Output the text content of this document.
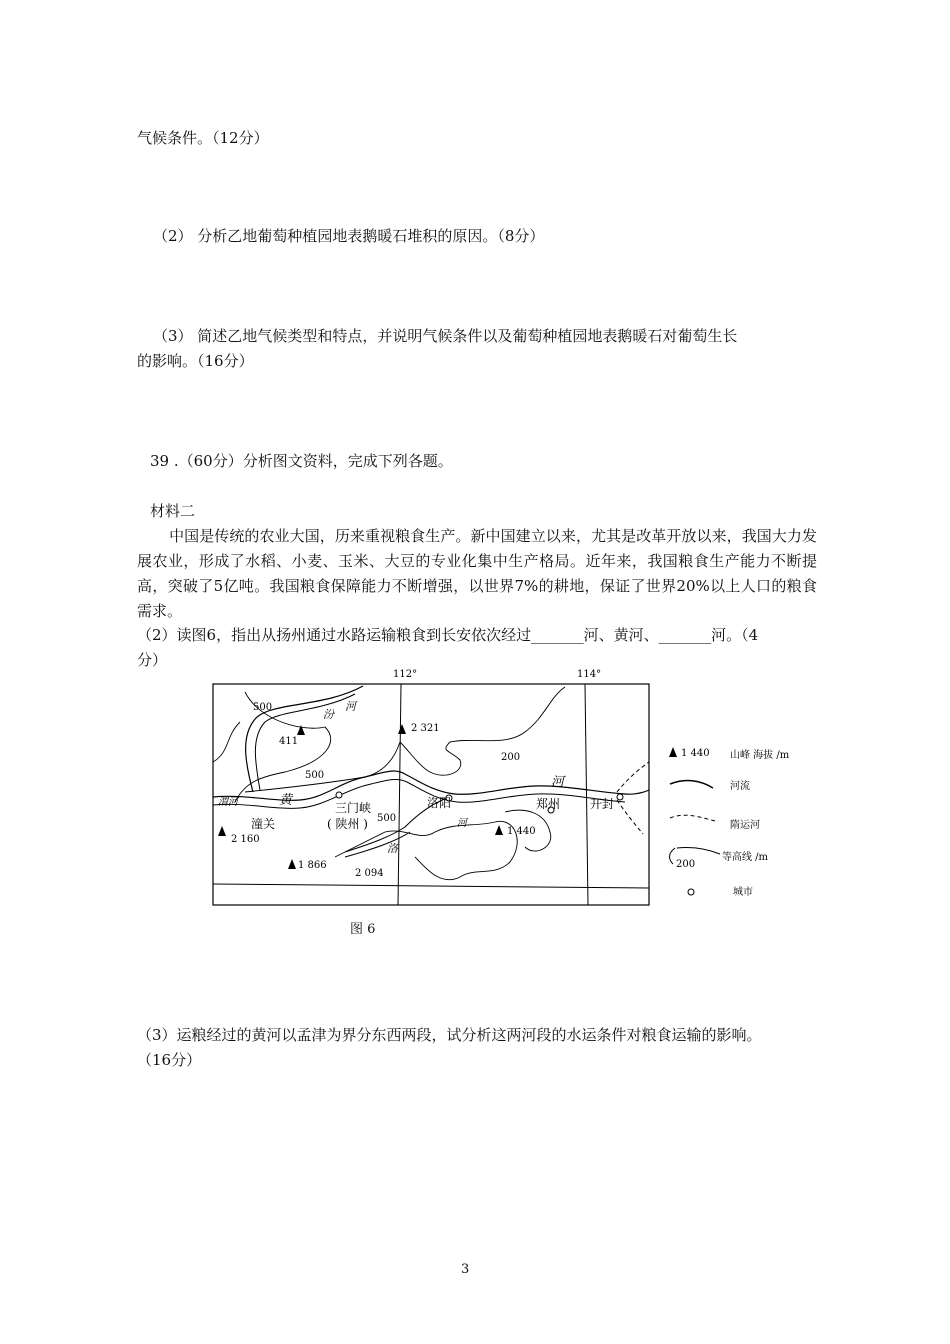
气候条件。（12分）
（2） 分析乙地葡萄种植园地表鹅暖石堆积的原因。（8分）
（3） 简述乙地气候类型和特点，并说明气候条件以及葡萄种植园地表鹅暖石对葡萄生长
的影响。（16分）
39 .（60分）分析图文资料，完成下列各题。
材料二
中国是传统的农业大国，历来重视粮食生产。新中国建立以来，尤其是改革开放以来，我国大力发展农业，形成了水稻、小麦、玉米、大豆的专业化集中生产格局。近年来，我国粮食生产能力不断提高，突破了5亿吨。我国粮食保障能力不断增强，以世界7%的耕地，保证了世界20%以上人口的粮食需求。
（2）读图6，指出从扬州通过水路运输粮食到长安依次经过_______河、黄河、_______河。（4
分）
112°	114°
500
500
500
200
411
2 321
2 160
1 866
2 094
1 440
汾
河
渭河	黄
河
洛
河
潼关
三门峡
( 陕州 )
洛阳	郑州 开封
1 440 山峰 海拔 /m
河流
隋运河
200
等高线 /m
城市
图 6
（3）运粮经过的黄河以孟津为界分东西两段，试分析这两河段的水运条件对粮食运输的影响。
（16分）
3
